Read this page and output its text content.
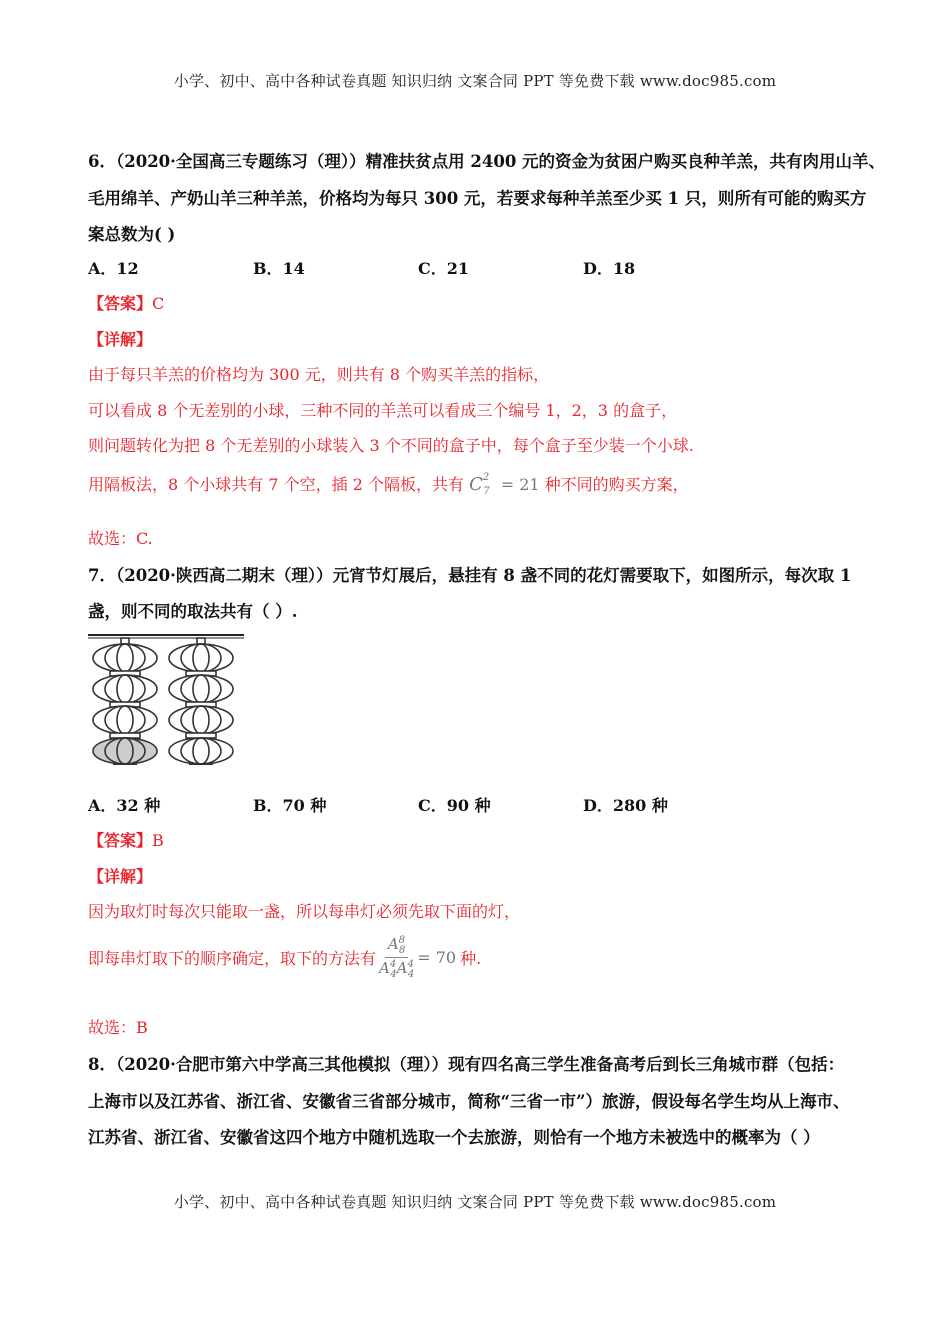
小学、初中、高中各种试卷真题 知识归纳 文案合同 PPT 等免费下载 www.doc985.com
6．（2020·全国高三专题练习（理））精准扶贫点用 2400 元的资金为贫困户购买良种羊羔，共有肉用山羊、
毛用绵羊、产奶山羊三种羊羔，价格均为每只 300 元，若要求每种羊羔至少买 1 只，则所有可能的购买方
案总数为( )
A．12	B．14	C．21	D．18
【答案】C
【详解】
由于每只羊羔的价格均为 300 元，则共有 8 个购买羊羔的指标，
可以看成 8 个无差别的小球，三种不同的羊羔可以看成三个编号 1，2，3 的盒子，
则问题转化为把 8 个无差别的小球装入 3 个不同的盒子中，每个盒子至少装一个小球.
用隔板法，8 个小球共有 7 个空，插 2 个隔板，共有 $C^2_7 = 21$ 种不同的购买方案，
故选：C.
7．（2020·陕西高二期末（理））元宵节灯展后，悬挂有 8 盏不同的花灯需要取下，如图所示，每次取 1
盏，则不同的取法共有（ ）.
A．32 种	B．70 种	C．90 种	D．280 种
【答案】B
【详解】
因为取灯时每次只能取一盏，所以每串灯必须先取下面的灯，
即每串灯取下的顺序确定，取下的方法有 $\frac{A^8_8}{A^4_4A^4_4} = 70$ 种.
故选：B
8．（2020·合肥市第六中学高三其他模拟（理））现有四名高三学生准备高考后到长三角城市群（包括：
上海市以及江苏省、浙江省、安徽省三省部分城市，简称“三省一市”）旅游，假设每名学生均从上海市、
江苏省、浙江省、安徽省这四个地方中随机选取一个去旅游，则恰有一个地方未被选中的概率为（ ）
小学、初中、高中各种试卷真题 知识归纳 文案合同 PPT 等免费下载 www.doc985.com
